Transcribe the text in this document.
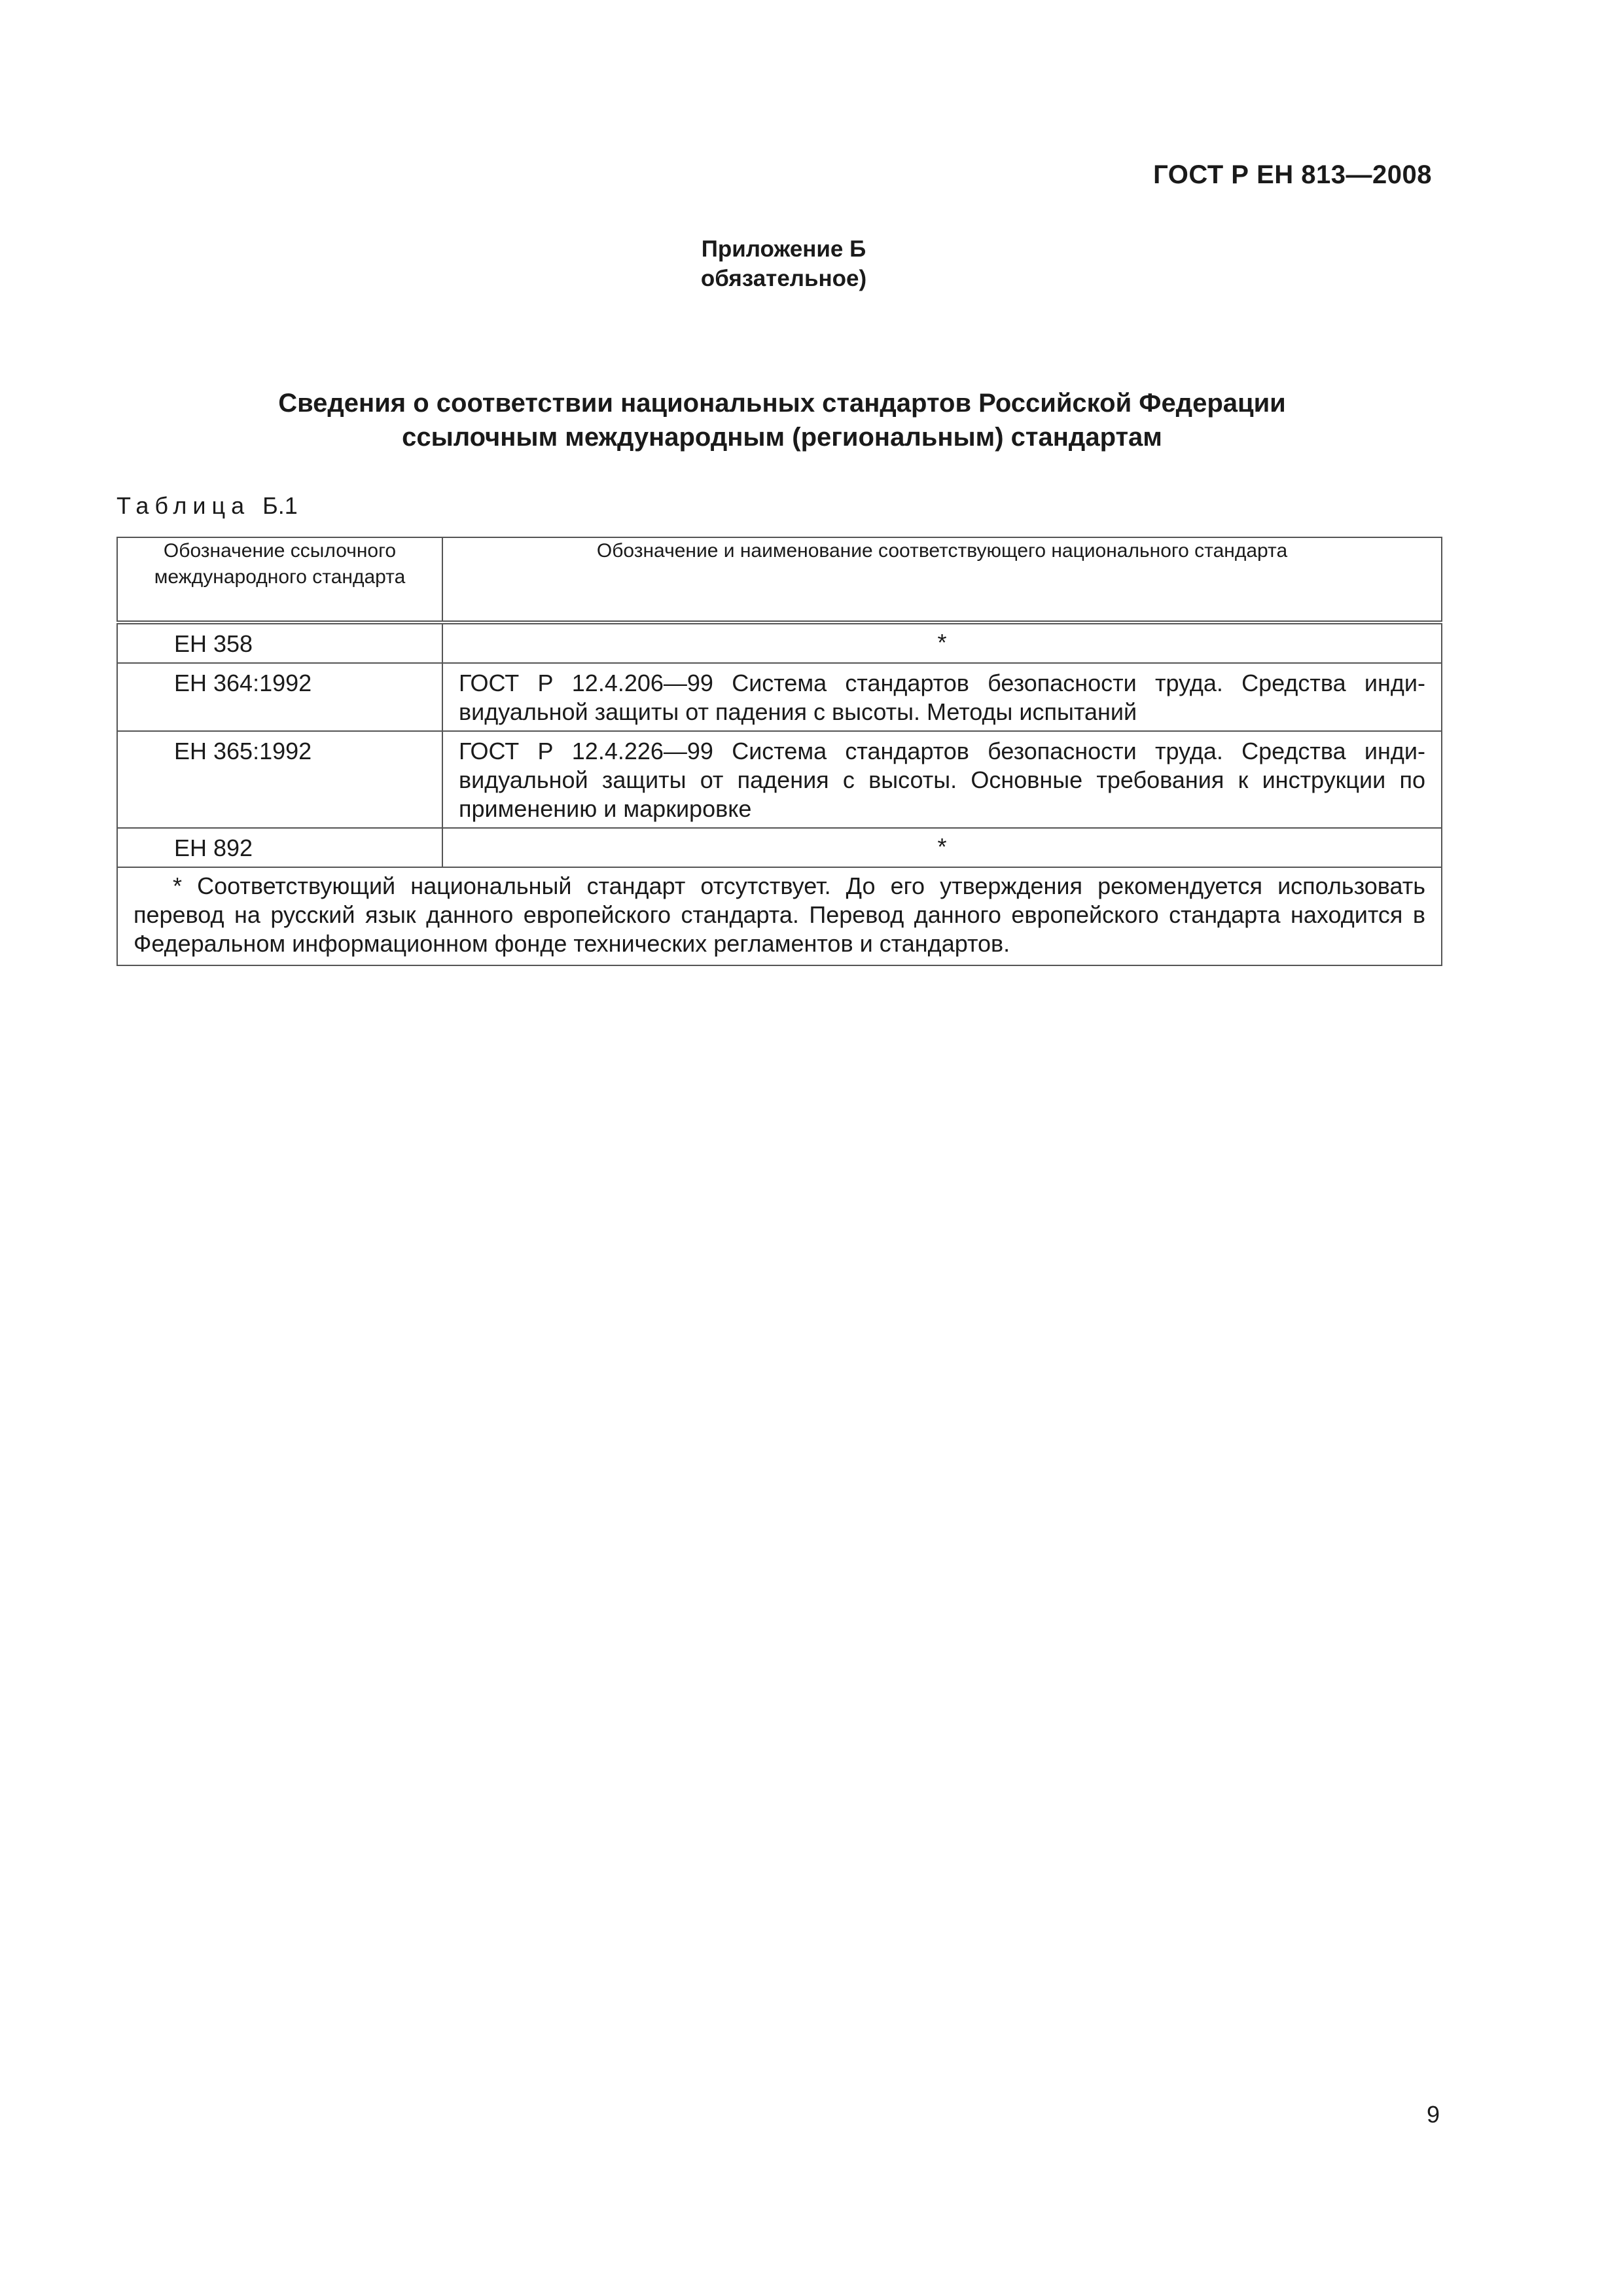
ГОСТ Р ЕН 813—2008
Приложение Б
обязательное)
Сведения о соответствии национальных стандартов Российской Федерации
ссылочным международным (региональным) стандартам
Таблица Б.1
Обозначение ссылочного международного стандарта	Обозначение и наименование соответствующего национального стандарта
ЕН 358	*
ЕН 364:1992	ГОСТ Р 12.4.206—99 Система стандартов безопасности труда. Средства индивидуальной защиты от падения с высоты. Методы испытаний
ЕН 365:1992	ГОСТ Р 12.4.226—99 Система стандартов безопасности труда. Средства индивидуальной защиты от падения с высоты. Основные требования к инструкции по применению и маркировке
ЕН 892	*
* Соответствующий национальный стандарт отсутствует. До его утверждения рекомендуется использовать перевод на русский язык данного европейского стандарта. Перевод данного европейского стандарта находится в Федеральном информационном фонде технических регламентов и стандартов.	
9
